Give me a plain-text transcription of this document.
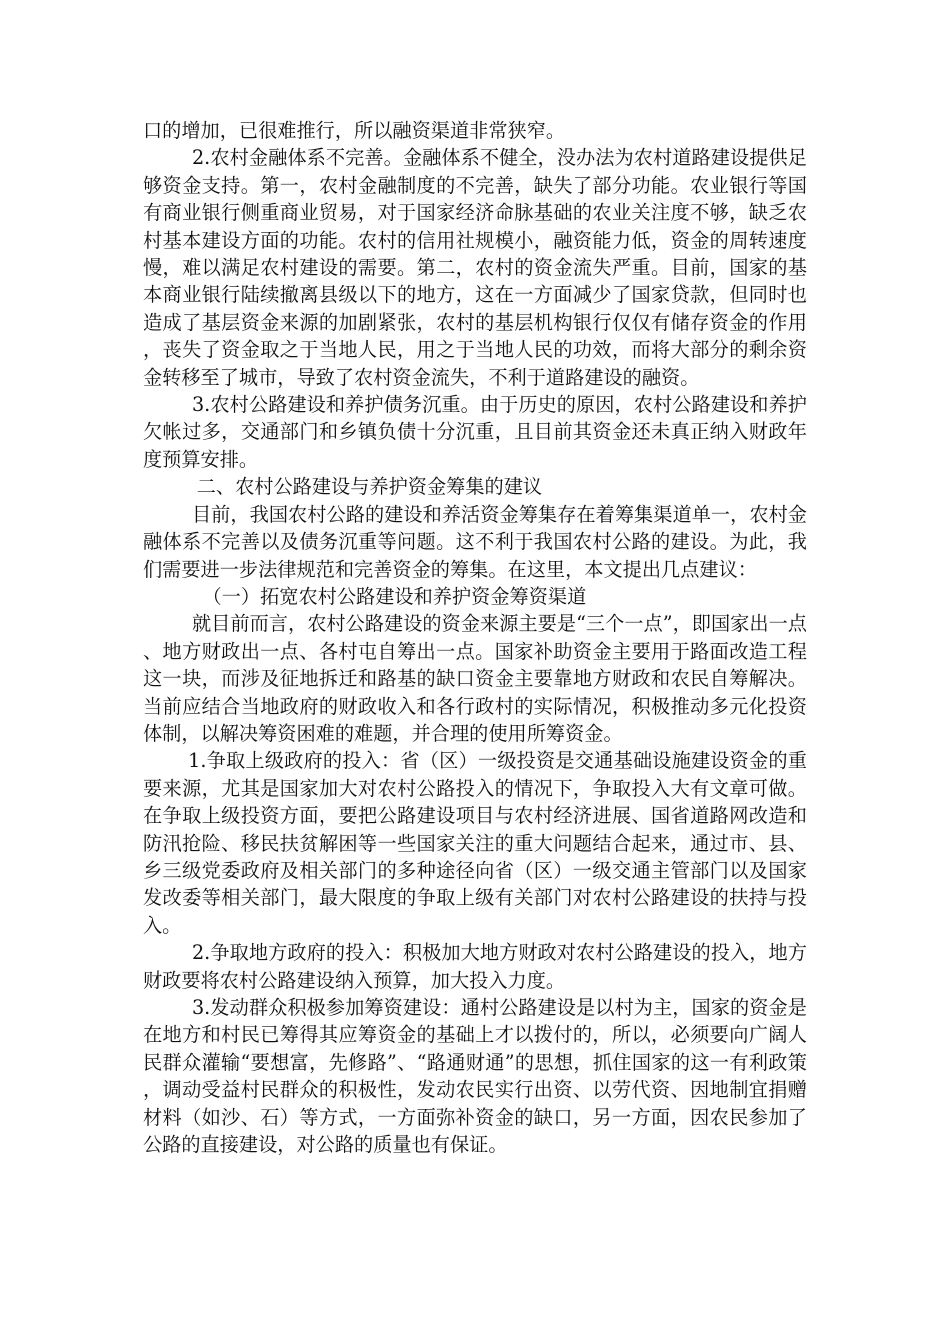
口的增加，已很难推行，所以融资渠道非常狭窄。

2.农村金融体系不完善。金融体系不健全，没办法为农村道路建设提供足够资金支持。第一，农村金融制度的不完善，缺失了部分功能。农业银行等国有商业银行侧重商业贸易，对于国家经济命脉基础的农业关注度不够，缺乏农村基本建设方面的功能。农村的信用社规模小，融资能力低，资金的周转速度慢，难以满足农村建设的需要。第二，农村的资金流失严重。目前，国家的基本商业银行陆续撤离县级以下的地方，这在一方面减少了国家贷款，但同时也造成了基层资金来源的加剧紧张，农村的基层机构银行仅仅有储存资金的作用，丧失了资金取之于当地人民，用之于当地人民的功效，而将大部分的剩余资金转移至了城市，导致了农村资金流失，不利于道路建设的融资。

3.农村公路建设和养护债务沉重。由于历史的原因，农村公路建设和养护欠帐过多，交通部门和乡镇负债十分沉重，且目前其资金还未真正纳入财政年度预算安排。

二、农村公路建设与养护资金筹集的建议

目前，我国农村公路的建设和养活资金筹集存在着筹集渠道单一，农村金融体系不完善以及债务沉重等问题。这不利于我国农村公路的建设。为此，我们需要进一步法律规范和完善资金的筹集。在这里，本文提出几点建议：

（一）拓宽农村公路建设和养护资金筹资渠道

就目前而言，农村公路建设的资金来源主要是“三个一点”，即国家出一点、地方财政出一点、各村屯自筹出一点。国家补助资金主要用于路面改造工程这一块，而涉及征地拆迁和路基的缺口资金主要靠地方财政和农民自筹解决。当前应结合当地政府的财政收入和各行政村的实际情况，积极推动多元化投资体制，以解决筹资困难的难题，并合理的使用所筹资金。

1.争取上级政府的投入：省（区）一级投资是交通基础设施建设资金的重要来源，尤其是国家加大对农村公路投入的情况下，争取投入大有文章可做。在争取上级投资方面，要把公路建设项目与农村经济进展、国省道路网改造和防汛抢险、移民扶贫解困等一些国家关注的重大问题结合起来，通过市、县、乡三级党委政府及相关部门的多种途径向省（区）一级交通主管部门以及国家发改委等相关部门，最大限度的争取上级有关部门对农村公路建设的扶持与投入。

2.争取地方政府的投入：积极加大地方财政对农村公路建设的投入，地方财政要将农村公路建设纳入预算，加大投入力度。

3.发动群众积极参加筹资建设：通村公路建设是以村为主，国家的资金是在地方和村民已筹得其应筹资金的基础上才以拨付的，所以，必须要向广阔人民群众灌输“要想富，先修路”、“路通财通”的思想，抓住国家的这一有利政策，调动受益村民群众的积极性，发动农民实行出资、以劳代资、因地制宜捐赠材料（如沙、石）等方式，一方面弥补资金的缺口，另一方面，因农民参加了公路的直接建设，对公路的质量也有保证。
